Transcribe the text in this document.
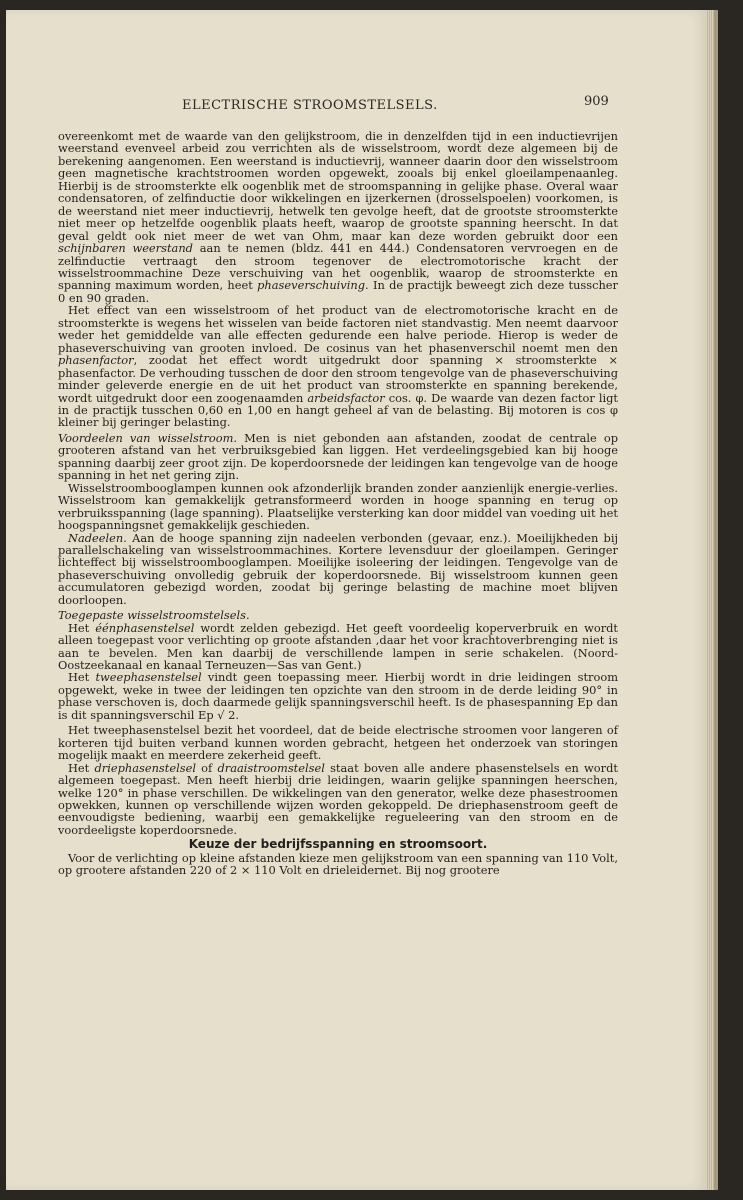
ELECTRISCHE STROOMSTELSELS.	909

overeenkomt met de waarde van den gelijkstroom, die in denzelfden tijd in een inductievrijen weerstand evenveel arbeid zou verrichten als de wisselstroom, wordt deze algemeen bij de berekening aangenomen. Een weerstand is inductievrij, wanneer daarin door den wisselstroom geen magnetische krachtstroomen worden opgewekt, zooals bij enkel gloeilampenaanleg. Hierbij is de stroomsterkte elk oogenblik met de stroomspanning in gelijke phase. Overal waar condensatoren, of zelfinductie door wikkelingen en ijzerkernen (drosselspoelen) voorkomen, is de weerstand niet meer inductievrij, hetwelk ten gevolge heeft, dat de grootste stroomsterkte niet meer op hetzelfde oogenblik plaats heeft, waarop de grootste spanning heerscht. In dat geval geldt ook niet meer de wet van Ohm, maar kan deze worden gebruikt door een schijnbaren weerstand aan te nemen (bldz. 441 en 444.) Condensatoren vervroegen en de zelfinductie vertraagt den stroom tegenover de electromotorische kracht der wisselstroommachine Deze verschuiving van het oogenblik, waarop de stroomsterkte en spanning maximum worden, heet phaseverschuiving. In de practijk beweegt zich deze tusscher 0 en 90 graden.

Het effect van een wisselstroom of het product van de electromotorische kracht en de stroomsterkte is wegens het wisselen van beide factoren niet standvastig. Men neemt daarvoor weder het gemiddelde van alle effecten gedurende een halve periode. Hierop is weder de phaseverschuiving van grooten invloed. De cosinus van het phasenverschil noemt men den phasenfactor, zoodat het effect wordt uitgedrukt door spanning × stroomsterkte × phasenfactor. De verhouding tusschen de door den stroom tengevolge van de phaseverschuiving minder geleverde energie en de uit het product van stroomsterkte en spanning berekende, wordt uitgedrukt door een zoogenaamden arbeidsfactor cos. φ. De waarde van dezen factor ligt in de practijk tusschen 0,60 en 1,00 en hangt geheel af van de belasting. Bij motoren is cos φ kleiner bij geringer belasting.

Voordeelen van wisselstroom. Men is niet gebonden aan afstanden, zoodat de centrale op grooteren afstand van het verbruiksgebied kan liggen. Het verdeelingsgebied kan bij hooge spanning daarbij zeer groot zijn. De koperdoorsnede der leidingen kan tengevolge van de hooge spanning in het net gering zijn.

Wisselstroombooglampen kunnen ook afzonderlijk branden zonder aanzienlijk energie-verlies. Wisselstroom kan gemakkelijk getransformeerd worden in hooge spanning en terug op verbruiksspanning (lage spanning). Plaatselijke versterking kan door middel van voeding uit het hoogspanningsnet gemakkelijk geschieden.

Nadeelen. Aan de hooge spanning zijn nadeelen verbonden (gevaar, enz.). Moeilijkheden bij parallelschakeling van wisselstroommachines. Kortere levensduur der gloeilampen. Geringer lichteffect bij wisselstroombooglampen. Moeilijke isoleering der leidingen. Tengevolge van de phaseverschuiving onvolledig gebruik der koperdoorsnede. Bij wisselstroom kunnen geen accumulatoren gebezigd worden, zoodat bij geringe belasting de machine moet blijven doorloopen.

Toegepaste wisselstroomstelsels.

Het éénphasenstelsel wordt zelden gebezigd. Het geeft voordeelig koperverbruik en wordt alleen toegepast voor verlichting op groote afstanden ,daar het voor krachtoverbrenging niet is aan te bevelen. Men kan daarbij de verschillende lampen in serie schakelen. (Noord-Oostzeekanaal en kanaal Terneuzen—Sas van Gent.)

Het tweephasenstelsel vindt geen toepassing meer. Hierbij wordt in drie leidingen stroom opgewekt, weke in twee der leidingen ten opzichte van den stroom in de derde leiding 90° in phase verschoven is, doch daarmede gelijk spanningsverschil heeft. Is de phasespanning Ep dan is dit spanningsverschil Ep √ 2.

Het tweephasenstelsel bezit het voordeel, dat de beide electrische stroomen voor langeren of korteren tijd buiten verband kunnen worden gebracht, hetgeen het onderzoek van storingen mogelijk maakt en meerdere zekerheid geeft.

Het driephasenstelsel of draaistroomstelsel staat boven alle andere phasenstelsels en wordt algemeen toegepast. Men heeft hierbij drie leidingen, waarin gelijke spanningen heerschen, welke 120° in phase verschillen. De wikkelingen van den generator, welke deze phasestroomen opwekken, kunnen op verschillende wijzen worden gekoppeld. De driephasenstroom geeft de eenvoudigste bediening, waarbij een gemakkelijke regueleering van den stroom en de voordeeligste koperdoorsnede.

Keuze der bedrijfsspanning en stroomsoort.

Voor de verlichting op kleine afstanden kieze men gelijkstroom van een spanning van 110 Volt, op grootere afstanden 220 of 2 × 110 Volt en drieleidernet. Bij nog grootere
